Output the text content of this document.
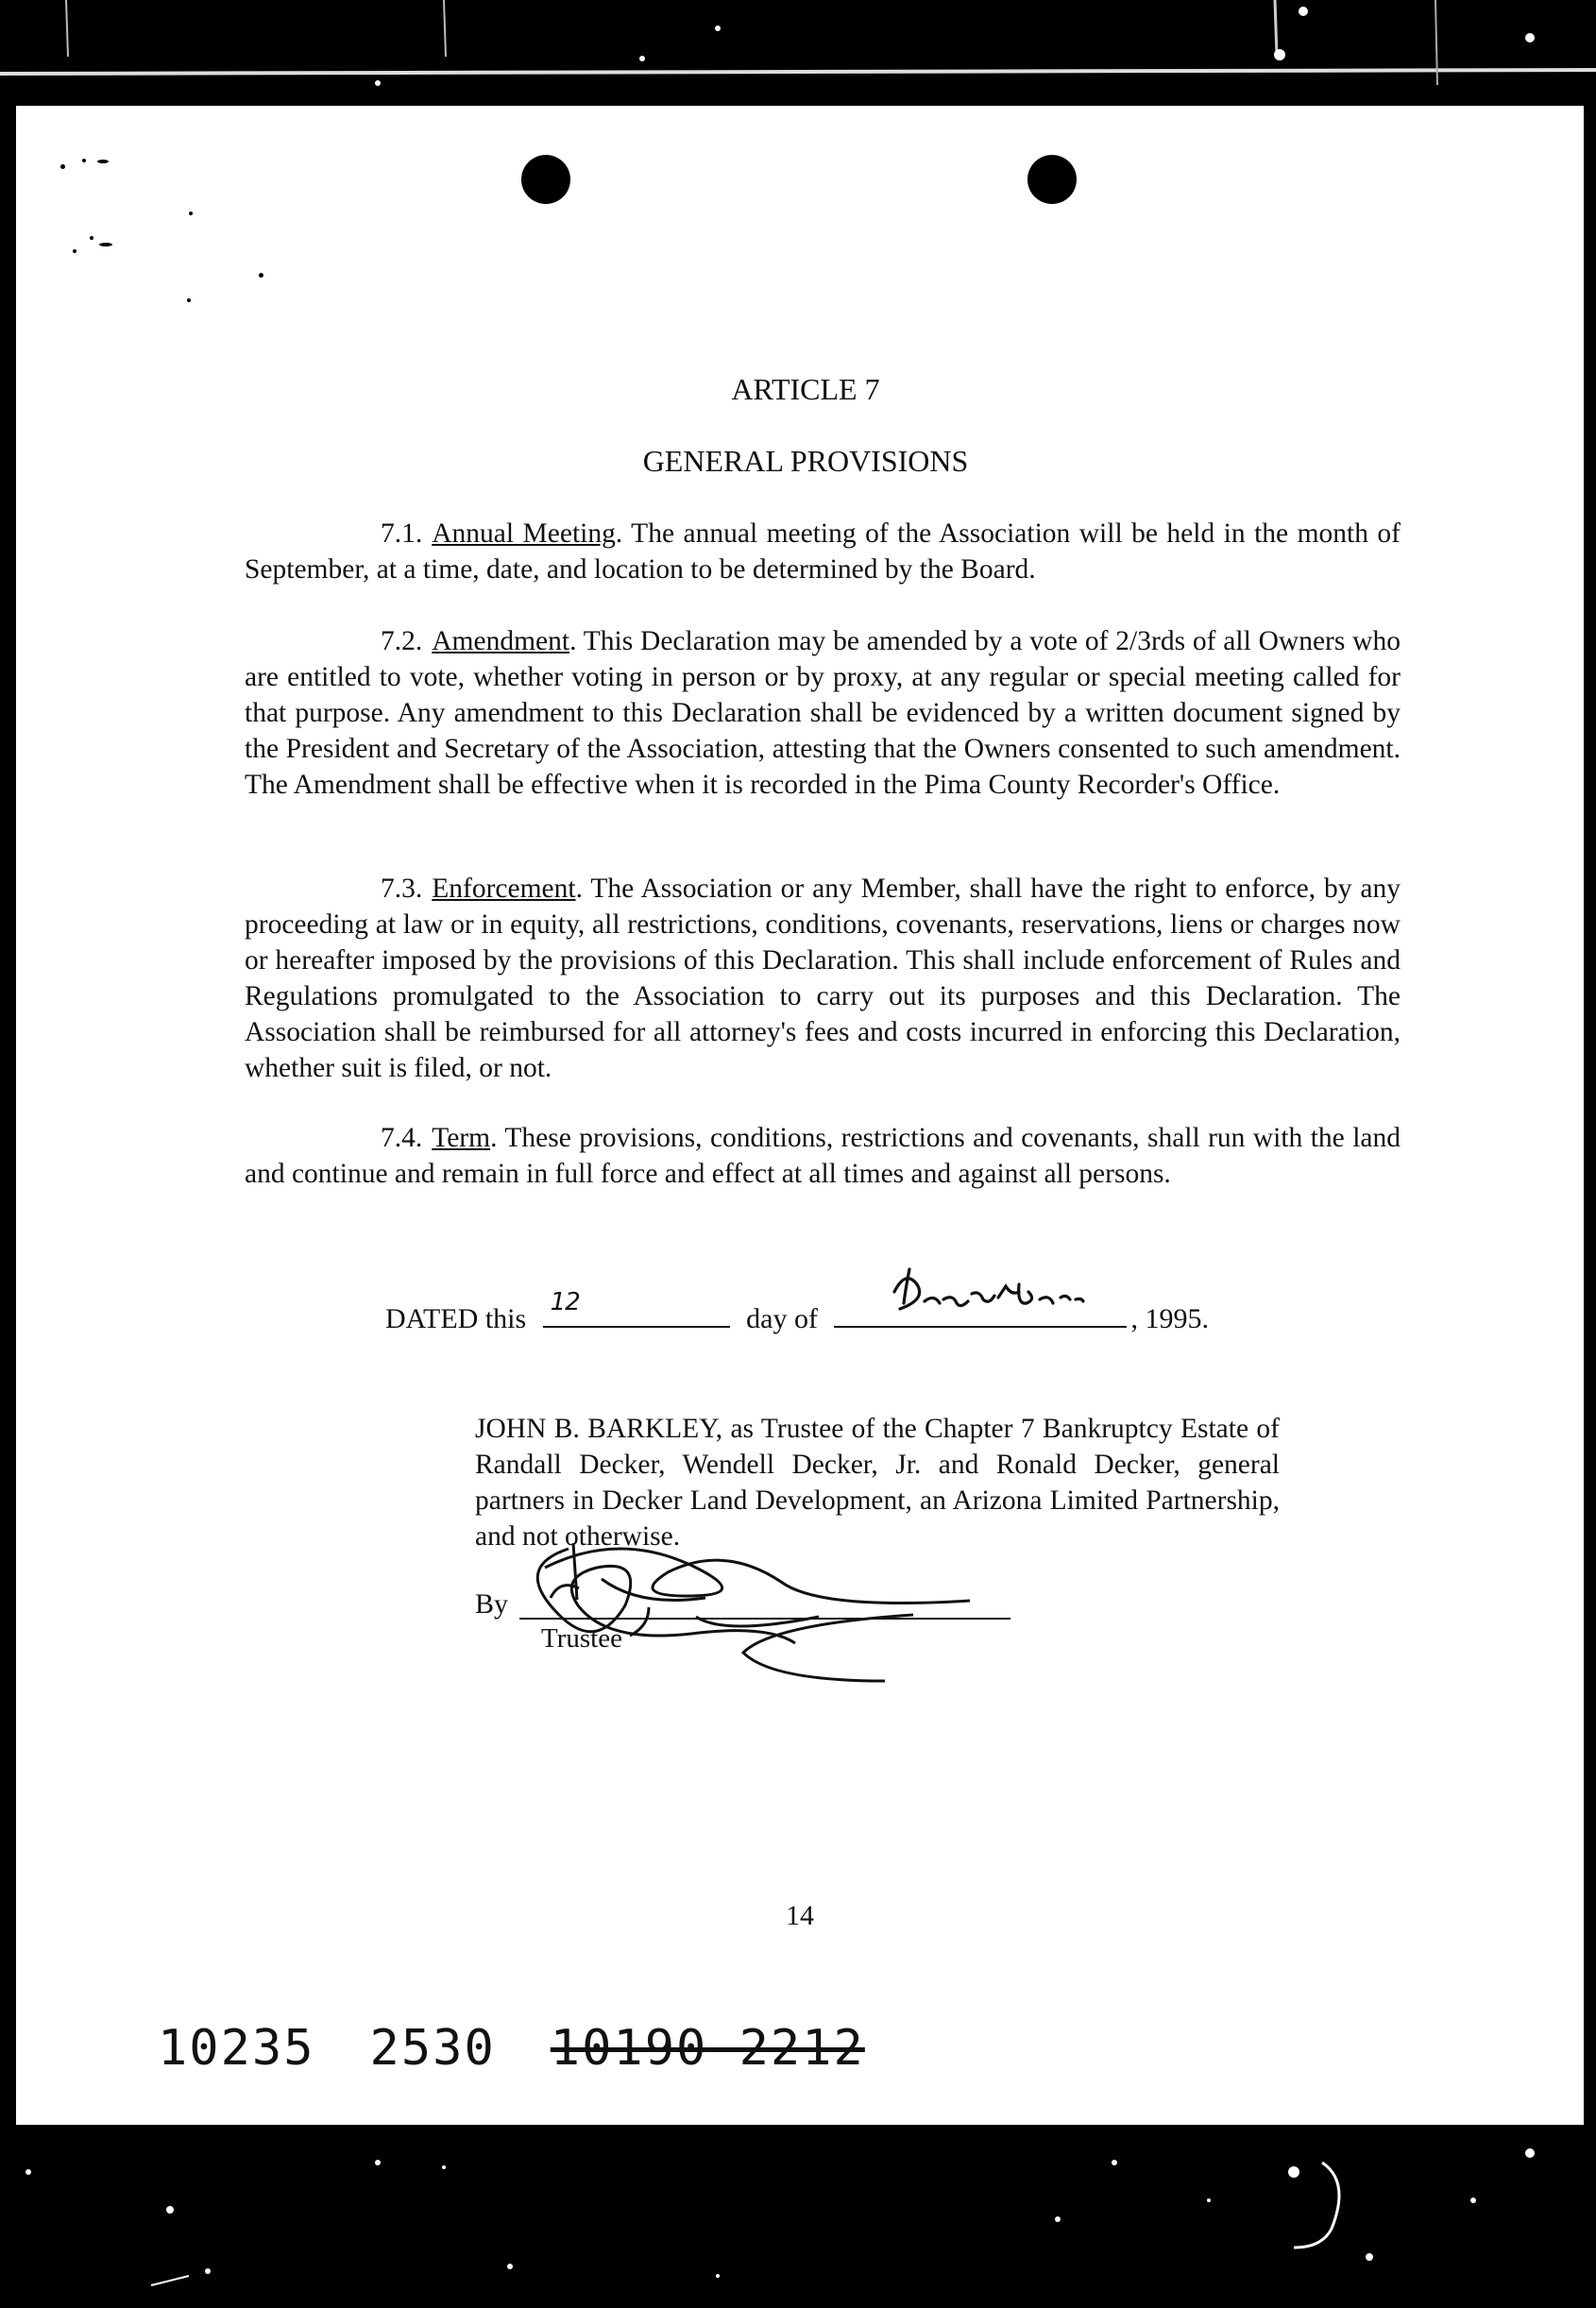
ARTICLE 7
GENERAL PROVISIONS
7.1. Annual Meeting. The annual meeting of the Association will be held in the month of September, at a time, date, and location to be determined by the Board.
7.2. Amendment. This Declaration may be amended by a vote of 2/3rds of all Owners who are entitled to vote, whether voting in person or by proxy, at any regular or special meeting called for that purpose. Any amendment to this Declaration shall be evidenced by a written document signed by the President and Secretary of the Association, attesting that the Owners consented to such amendment. The Amendment shall be effective when it is recorded in the Pima County Recorder's Office.
7.3. Enforcement. The Association or any Member, shall have the right to enforce, by any proceeding at law or in equity, all restrictions, conditions, covenants, reservations, liens or charges now or hereafter imposed by the provisions of this Declaration. This shall include enforcement of Rules and Regulations promulgated to the Association to carry out its purposes and this Declaration. The Association shall be reimbursed for all attorney's fees and costs incurred in enforcing this Declaration, whether suit is filed, or not.
7.4. Term. These provisions, conditions, restrictions and covenants, shall run with the land and continue and remain in full force and effect at all times and against all persons.
DATED this
12
day of	, 1995.
JOHN B. BARKLEY, as Trustee of the Chapter 7 Bankruptcy Estate of Randall Decker, Wendell Decker, Jr. and Ronald Decker, general partners in Decker Land Development, an Arizona Limited Partnership, and not otherwise.
By
Trustee
14
10235 2530 10190 2212
